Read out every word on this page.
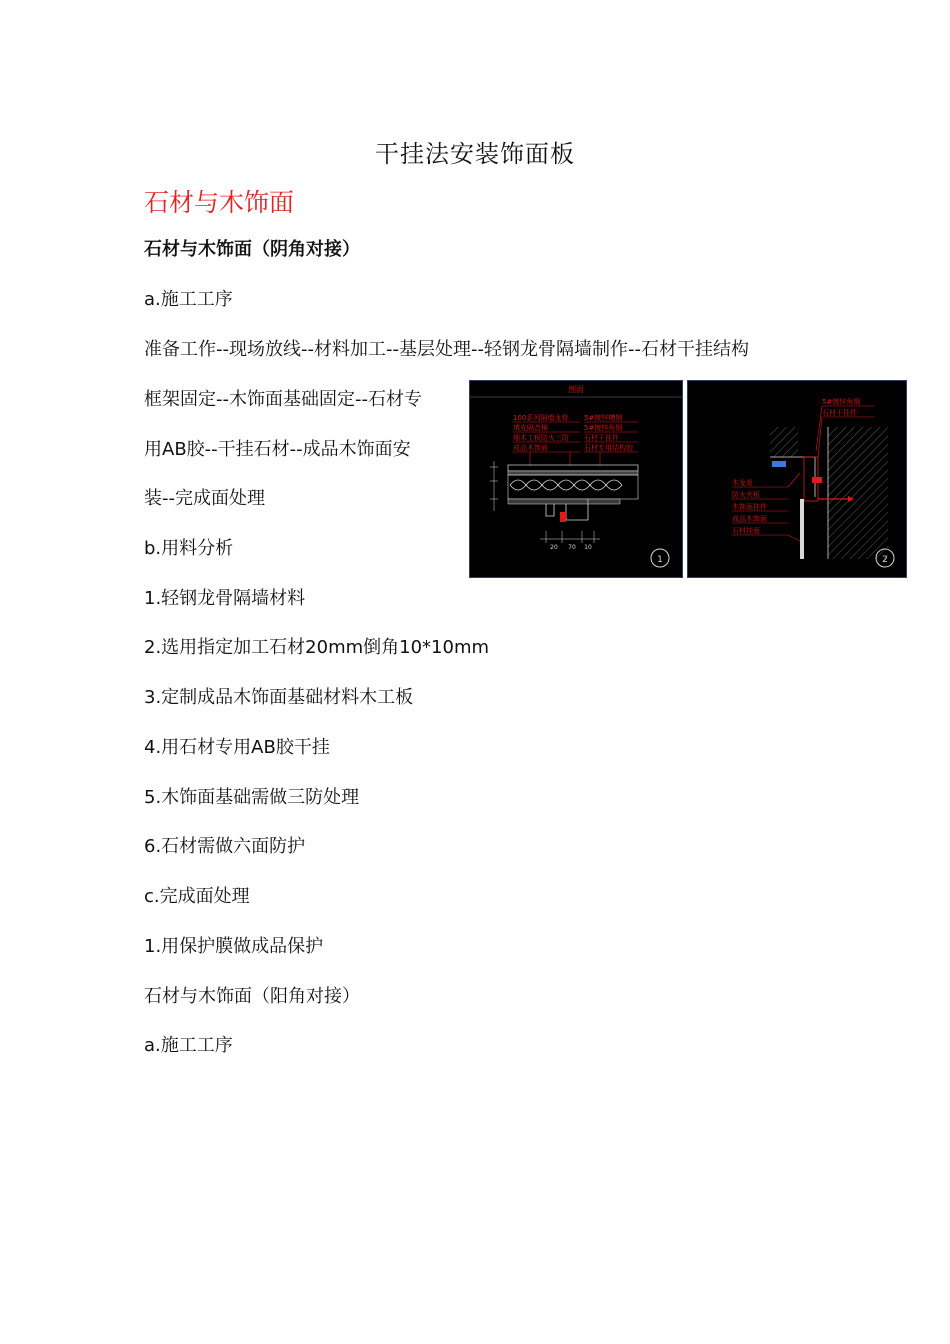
干挂法安装饰面板
石材与木饰面
石材与木饰面（阴角对接）
a.施工工序
准备工作--现场放线--材料加工--基层处理--轻钢龙骨隔墙制作--石材干挂结构
框架固定--木饰面基础固定--石材专
用AB胶--干挂石材--成品木饰面安
装--完成面处理
b.用料分析
1.轻钢龙骨隔墙材料
2.选用指定加工石材20mm倒角10*10mm
3.定制成品木饰面基础材料木工板
4.用石材专用AB胶干挂
5.木饰面基础需做三防处理
6.石材需做六面防护
c.完成面处理
1.用保护膜做成品保护
石材与木饰面（阳角对接）
a.施工工序
剖面
100系列隔墙龙骨
填充隔音棉
细木工板防火三防
成品木饰面
5#镀锌槽钢
5#镀锌角钢
石材干挂件
石材专用结构胶
20 70 10
1
5#镀锌角钢
石材干挂件
木龙骨
防火夹板
木饰面挂件
成品木饰面
石材挂面
2
